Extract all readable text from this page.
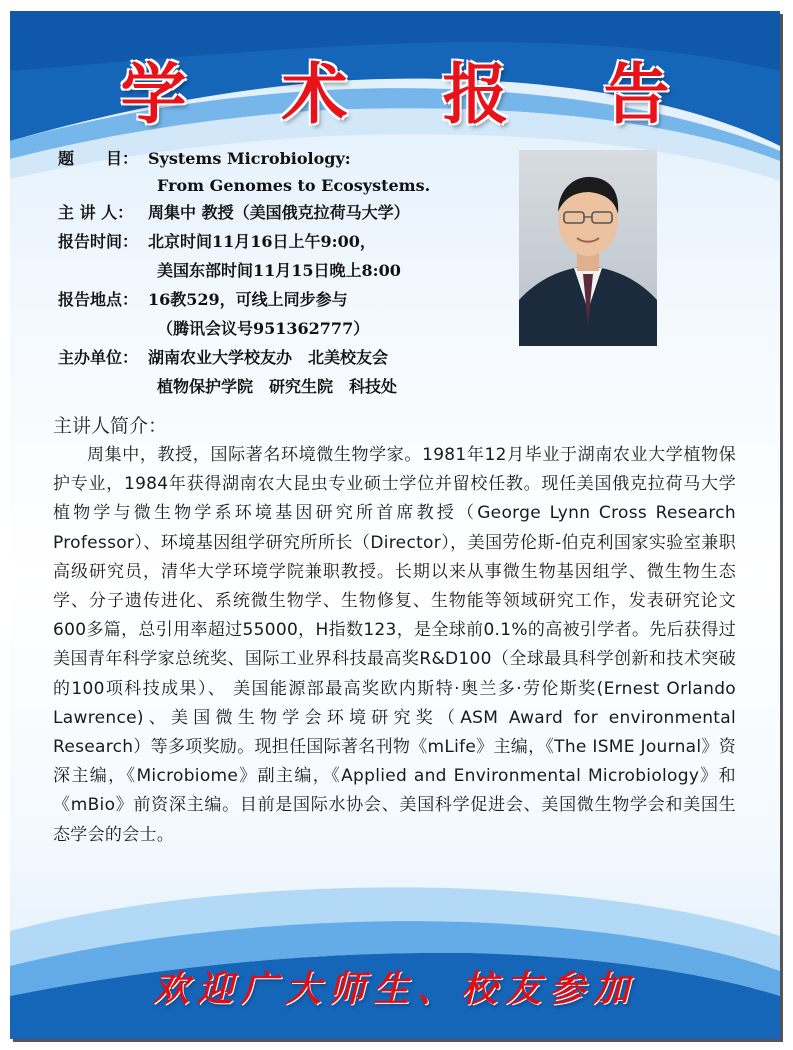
学 术 报 告
题　　目： Systems Microbiology:
From Genomes to Ecosystems.
主 讲 人： 周集中 教授（美国俄克拉荷马大学）
报告时间： 北京时间11月16日上午9:00，
美国东部时间11月15日晚上8:00
报告地点： 16教529，可线上同步参与
（腾讯会议号951362777）
主办单位： 湖南农业大学校友办　北美校友会
植物保护学院　研究生院　科技处
主讲人简介：
周集中，教授，国际著名环境微生物学家。1981年12月毕业于湖南农业大学植物保护专业，1984年获得湖南农大昆虫专业硕士学位并留校任教。现任美国俄克拉荷马大学植物学与微生物学系环境基因研究所首席教授（George Lynn Cross Research Professor）、环境基因组学研究所所长（Director），美国劳伦斯-伯克利国家实验室兼职高级研究员，清华大学环境学院兼职教授。长期以来从事微生物基因组学、微生物生态学、分子遗传进化、系统微生物学、生物修复、生物能等领域研究工作，发表研究论文600多篇，总引用率超过55000，H指数123，是全球前0.1%的高被引学者。先后获得过美国青年科学家总统奖、国际工业界科技最高奖R&D100（全球最具科学创新和技术突破的100项科技成果）、 美国能源部最高奖欧内斯特·奥兰多·劳伦斯奖(Ernest Orlando Lawrence)、美国微生物学会环境研究奖（ASM Award for environmental Research）等多项奖励。现担任国际著名刊物《mLife》主编，《The ISME Journal》资深主编，《Microbiome》副主编，《Applied and Environmental Microbiology》和《mBio》前资深主编。目前是国际水协会、美国科学促进会、美国微生物学会和美国生态学会的会士。
欢迎广大师生、校友参加
